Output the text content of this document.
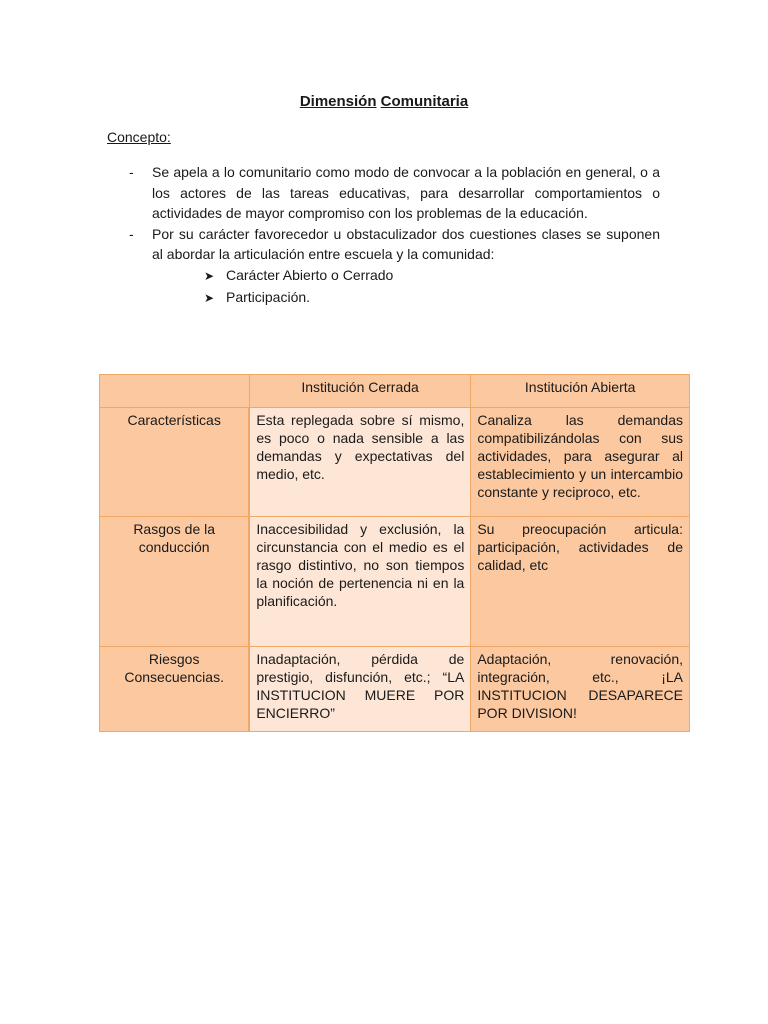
Dimensión Comunitaria
Concepto:
-	Se apela a lo comunitario como modo de convocar a la población en general, o a los actores de las tareas educativas, para desarrollar comportamientos o actividades de mayor compromiso con los problemas de la educación.
-	Por su carácter favorecedor u obstaculizador dos cuestiones clases se suponen al abordar la articulación entre escuela y la comunidad:
➤ Carácter Abierto o Cerrado
➤ Participación.
	Institución Cerrada	Institución Abierta
Características	Esta replegada sobre sí mismo, es poco o nada sensible a las demandas y expectativas del medio, etc.	Canaliza las demandas compatibilizándolas con sus actividades, para asegurar al establecimiento y un intercambio constante y reciproco, etc.
Rasgos de la conducción	Inaccesibilidad y exclusión, la circunstancia con el medio es el rasgo distintivo, no son tiempos la noción de pertenencia ni en la planificación.	Su preocupación articula: participación, actividades de calidad, etc
Riesgos Consecuencias.	Inadaptación, pérdida de prestigio, disfunción, etc.; “LA INSTITUCION MUERE POR ENCIERRO”	Adaptación, renovación, integración, etc., ¡LA INSTITUCION DESAPARECE POR DIVISION!
